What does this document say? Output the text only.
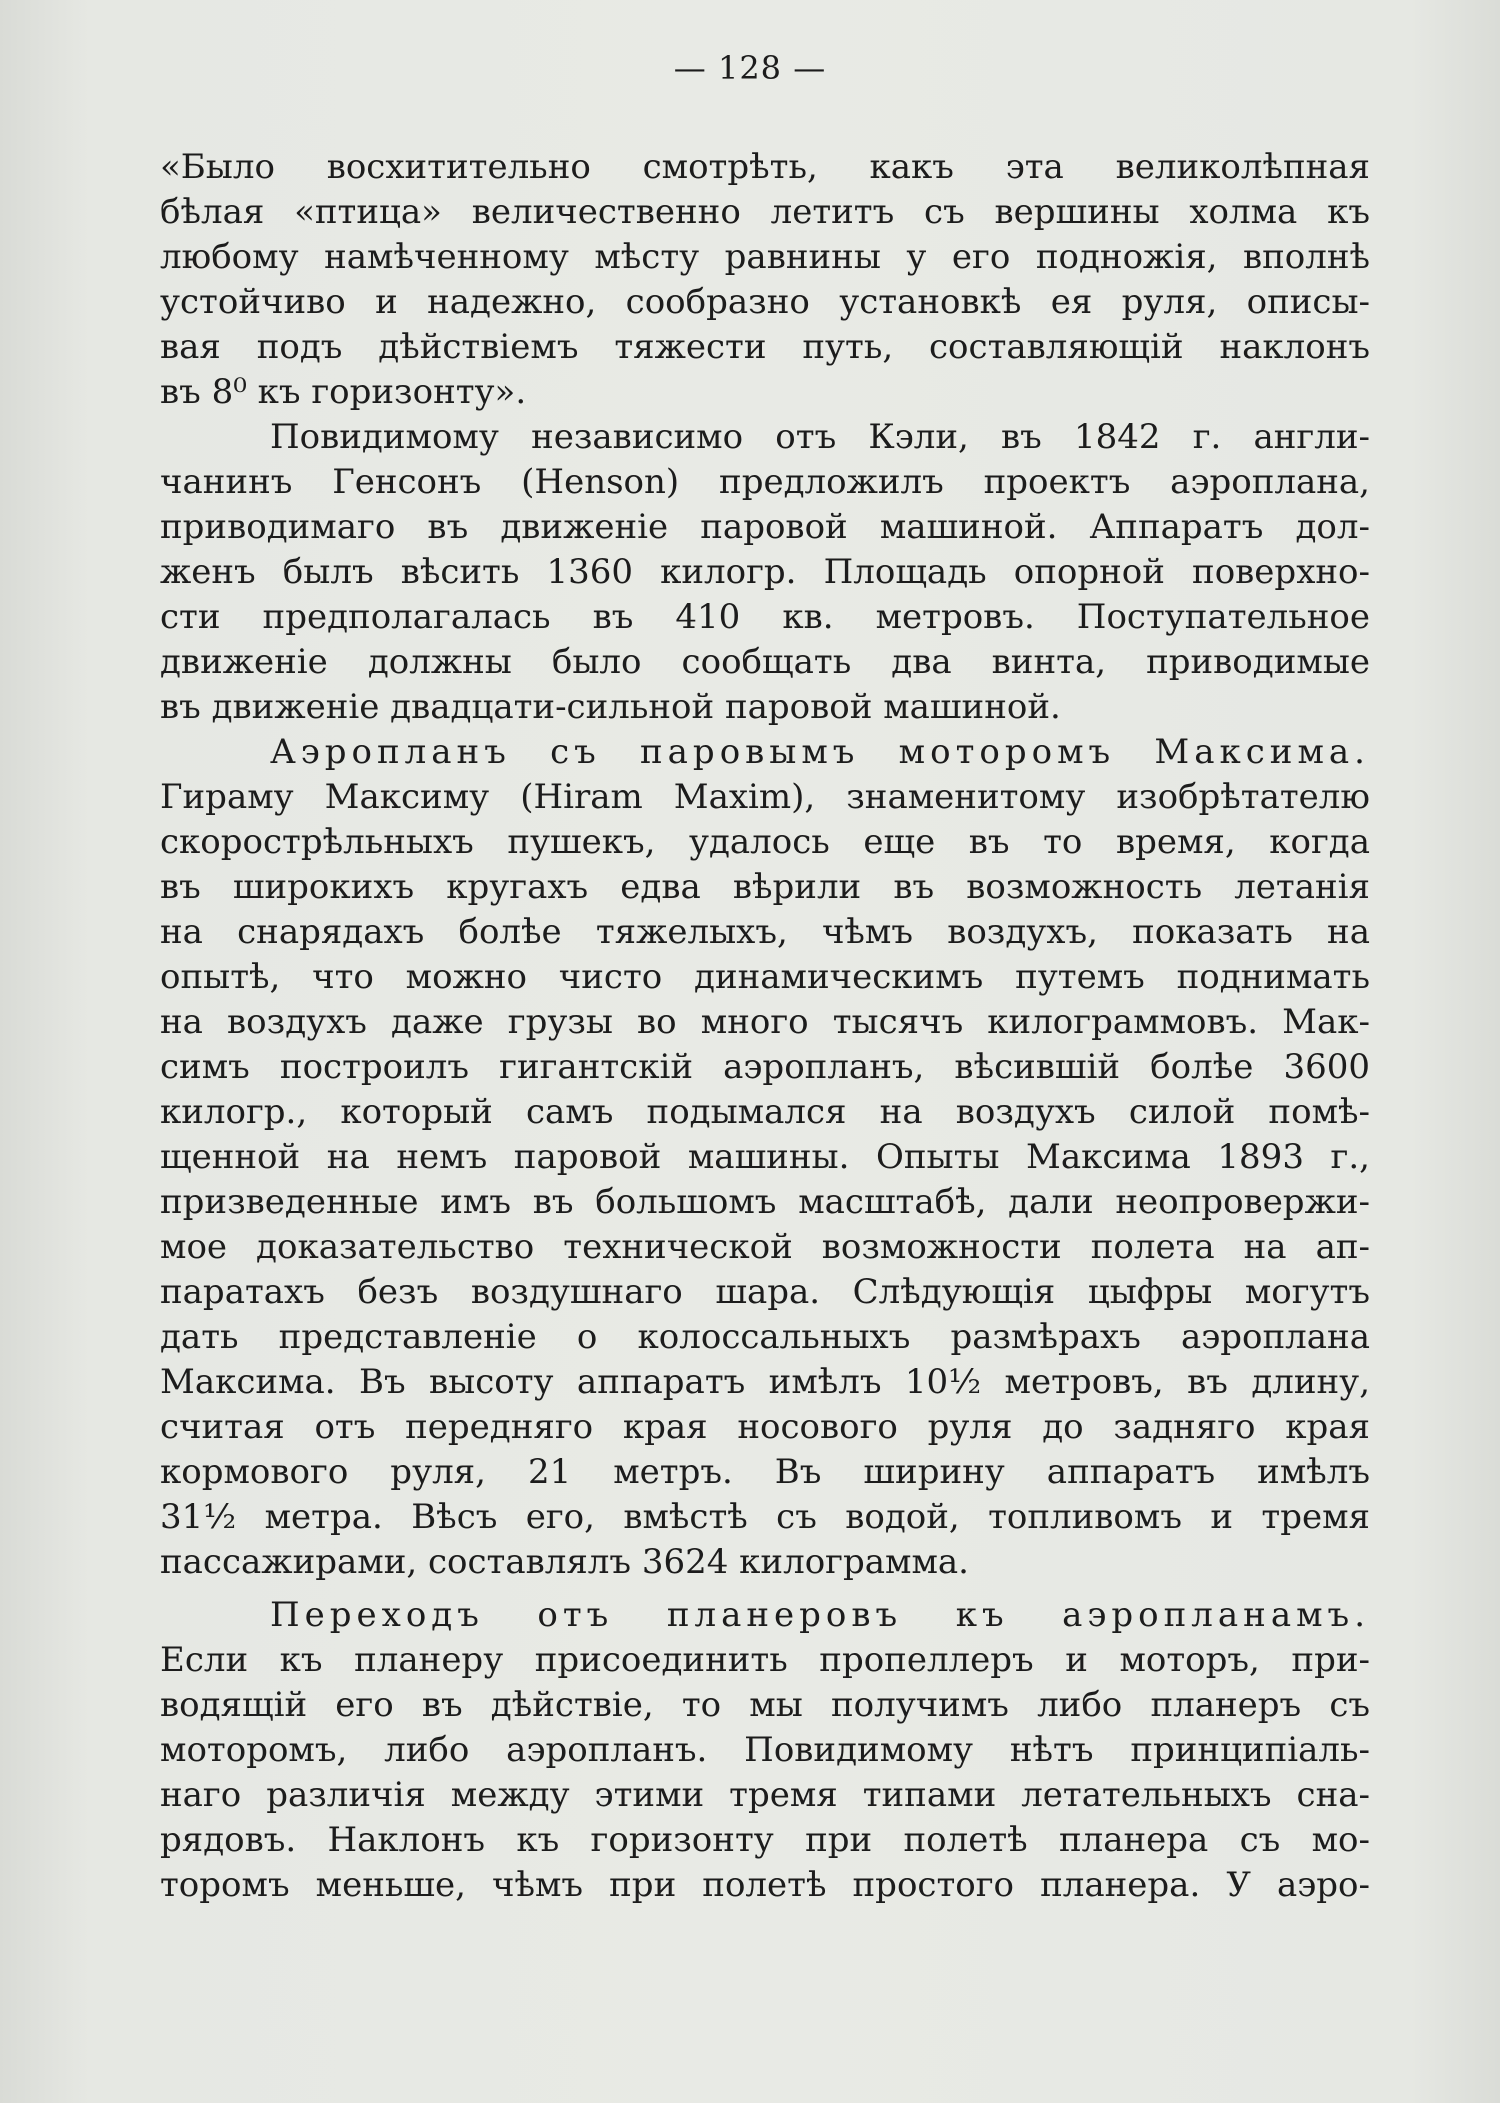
— 128 —
«Было восхитительно смотрѣть, какъ эта великолѣпная
бѣлая «птица» величественно летитъ съ вершины холма къ
любому намѣченному мѣсту равнины у его подножія, вполнѣ
устойчиво и надежно, сообразно установкѣ ея руля, описы-
вая подъ дѣйствіемъ тяжести путь, составляющій наклонъ
въ 8⁰ къ горизонту».
Повидимому независимо отъ Кэли, въ 1842 г. англи-
чанинъ Генсонъ (Henson) предложилъ проектъ аэроплана,
приводимаго въ движеніе паровой машиной. Аппаратъ дол-
женъ былъ вѣсить 1360 килогр. Площадь опорной поверхно-
сти предполагалась въ 410 кв. метровъ. Поступательное
движеніе должны было сообщать два винта, приводимые
въ движеніе двадцати-сильной паровой машиной.
Аэропланъ съ паровымъ моторомъ Максима.
Гираму Максиму (Hiram Maxim), знаменитому изобрѣтателю
скорострѣльныхъ пушекъ, удалось еще въ то время, когда
въ широкихъ кругахъ едва вѣрили въ возможность летанія
на снарядахъ болѣе тяжелыхъ, чѣмъ воздухъ, показать на
опытѣ, что можно чисто динамическимъ путемъ поднимать
на воздухъ даже грузы во много тысячъ килограммовъ. Мак-
симъ построилъ гигантскій аэропланъ, вѣсившій болѣе 3600
килогр., который самъ подымался на воздухъ силой помѣ-
щенной на немъ паровой машины. Опыты Максима 1893 г.,
призведенные имъ въ большомъ масштабѣ, дали неопровержи-
мое доказательство технической возможности полета на ап-
паратахъ безъ воздушнаго шара. Слѣдующія цыфры могутъ
дать представленіе о колоссальныхъ размѣрахъ аэроплана
Максима. Въ высоту аппаратъ имѣлъ 10½ метровъ, въ длину,
считая отъ передняго края носового руля до задняго края
кормового руля, 21 метръ. Въ ширину аппаратъ имѣлъ
31½ метра. Вѣсъ его, вмѣстѣ съ водой, топливомъ и тремя
пассажирами, составлялъ 3624 килограмма.
Переходъ отъ планеровъ къ аэропланамъ.
Если къ планеру присоединить пропеллеръ и моторъ, при-
водящій его въ дѣйствіе, то мы получимъ либо планеръ съ
моторомъ, либо аэропланъ. Повидимому нѣтъ принципіаль-
наго различія между этими тремя типами летательныхъ сна-
рядовъ. Наклонъ къ горизонту при полетѣ планера съ мо-
торомъ меньше, чѣмъ при полетѣ простого планера. У аэро-
